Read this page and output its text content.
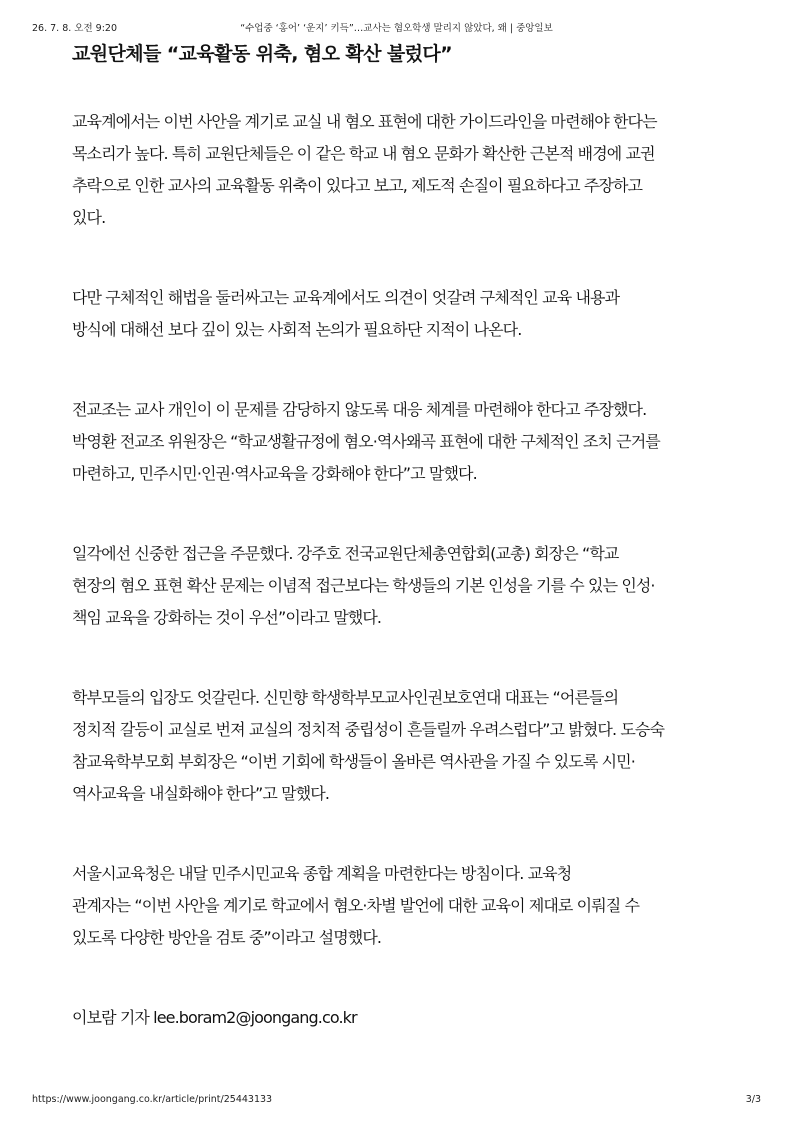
26. 7. 8. 오전 9:20	“수업중 ‘홍어’ ‘운지’ 키득”…교사는 혐오학생 말리지 않았다, 왜 | 중앙일보
교원단체들 “교육활동 위축, 혐오 확산 불렀다”

교육계에서는 이번 사안을 계기로 교실 내 혐오 표현에 대한 가이드라인을 마련해야 한다는
목소리가 높다. 특히 교원단체들은 이 같은 학교 내 혐오 문화가 확산한 근본적 배경에 교권
추락으로 인한 교사의 교육활동 위축이 있다고 보고, 제도적 손질이 필요하다고 주장하고
있다.

다만 구체적인 해법을 둘러싸고는 교육계에서도 의견이 엇갈려 구체적인 교육 내용과
방식에 대해선 보다 깊이 있는 사회적 논의가 필요하단 지적이 나온다.

전교조는 교사 개인이 이 문제를 감당하지 않도록 대응 체계를 마련해야 한다고 주장했다.
박영환 전교조 위원장은 “학교생활규정에 혐오·역사왜곡 표현에 대한 구체적인 조치 근거를
마련하고, 민주시민·인권·역사교육을 강화해야 한다”고 말했다.

일각에선 신중한 접근을 주문했다. 강주호 전국교원단체총연합회(교총) 회장은 “학교
현장의 혐오 표현 확산 문제는 이념적 접근보다는 학생들의 기본 인성을 기를 수 있는 인성·
책임 교육을 강화하는 것이 우선”이라고 말했다.

학부모들의 입장도 엇갈린다. 신민향 학생학부모교사인권보호연대 대표는 “어른들의
정치적 갈등이 교실로 번져 교실의 정치적 중립성이 흔들릴까 우려스럽다”고 밝혔다. 도승숙
참교육학부모회 부회장은 “이번 기회에 학생들이 올바른 역사관을 가질 수 있도록 시민·
역사교육을 내실화해야 한다”고 말했다.

서울시교육청은 내달 민주시민교육 종합 계획을 마련한다는 방침이다. 교육청
관계자는 “이번 사안을 계기로 학교에서 혐오·차별 발언에 대한 교육이 제대로 이뤄질 수
있도록 다양한 방안을 검토 중”이라고 설명했다.

이보람 기자 lee.boram2@joongang.co.kr

https://www.joongang.co.kr/article/print/25443133	3/3
